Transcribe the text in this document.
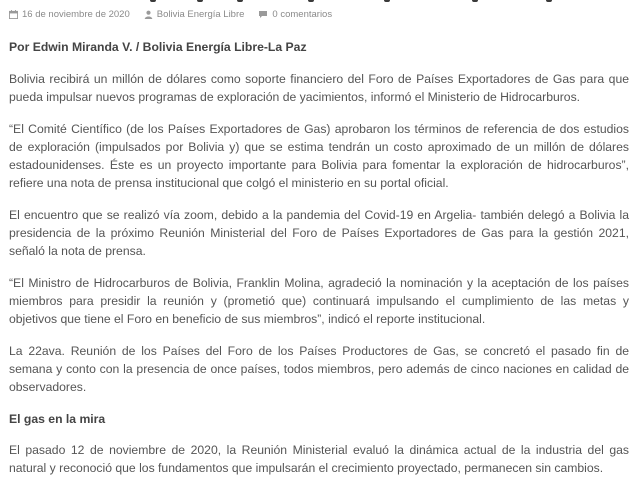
16 de noviembre de 2020	Bolivia Energía Libre	0 comentarios

Por Edwin Miranda V. / Bolivia Energía Libre-La Paz

Bolivia recibirá un millón de dólares como soporte financiero del Foro de Países Exportadores de Gas para que pueda impulsar nuevos programas de exploración de yacimientos, informó el Ministerio de Hidrocarburos.

“El Comité Científico (de los Países Exportadores de Gas) aprobaron los términos de referencia de dos estudios de exploración (impulsados por Bolivia y) que se estima tendrán un costo aproximado de un millón de dólares estadounidenses. Éste es un proyecto importante para Bolivia para fomentar la exploración de hidrocarburos”, refiere una nota de prensa institucional que colgó el ministerio en su portal oficial.

El encuentro que se realizó vía zoom, debido a la pandemia del Covid-19 en Argelia- también delegó a Bolivia la presidencia de la próximo Reunión Ministerial del Foro de Países Exportadores de Gas para la gestión 2021, señaló la nota de prensa.

“El Ministro de Hidrocarburos de Bolivia, Franklin Molina, agradeció la nominación y la aceptación de los países miembros para presidir la reunión y (prometió que) continuará impulsando el cumplimiento de las metas y objetivos que tiene el Foro en beneficio de sus miembros”, indicó el reporte institucional.

La 22ava. Reunión de los Países del Foro de los Países Productores de Gas, se concretó el pasado fin de semana y conto con la presencia de once países, todos miembros, pero además de cinco naciones en calidad de observadores.

El gas en la mira

El pasado 12 de noviembre de 2020, la Reunión Ministerial evaluó la dinámica actual de la industria del gas natural y reconoció que los fundamentos que impulsarán el crecimiento proyectado, permanecen sin cambios.
